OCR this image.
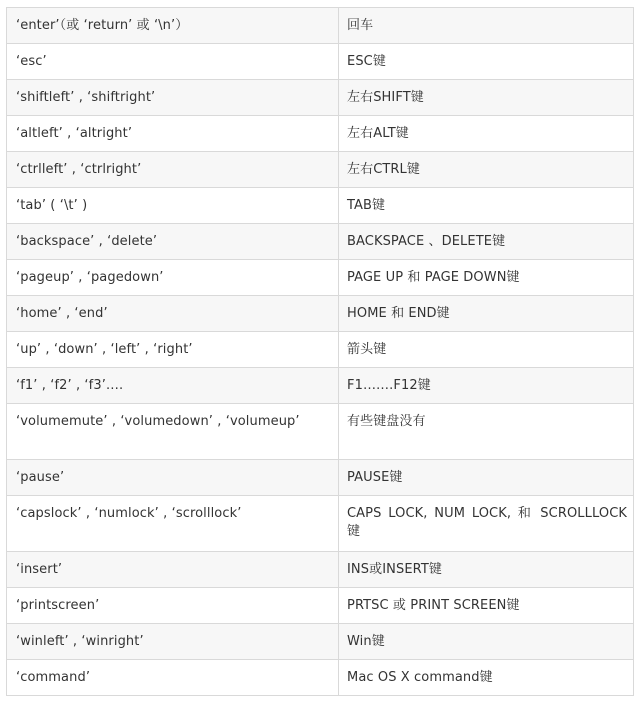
‘enter’（或 ‘return’ 或 ‘\n’）	回车
‘esc’	ESC键
‘shiftleft’ , ‘shiftright’	左右SHIFT键
‘altleft’ , ‘altright’	左右ALT键
‘ctrlleft’ , ‘ctrlright’	左右CTRL键
‘tab’ ( ‘\t’ )	TAB键
‘backspace’ , ‘delete’	BACKSPACE 、DELETE键
‘pageup’ , ‘pagedown’	PAGE UP 和 PAGE DOWN键
‘home’ , ‘end’	HOME 和 END键
‘up’ , ‘down’ , ‘left’ , ‘right’	箭头键
‘f1’ , ‘f2’ , ‘f3’….	F1…….F12键
‘volumemute’ , ‘volumedown’ , ‘volumeup’	有些键盘没有
‘pause’	PAUSE键
‘capslock’ , ‘numlock’ , ‘scrolllock’	CAPS LOCK, NUM LOCK, 和 SCROLLLOCK 键
‘insert’	INS或INSERT键
‘printscreen’	PRTSC 或 PRINT SCREEN键
‘winleft’ , ‘winright’	Win键
‘command’	Mac OS X command键
